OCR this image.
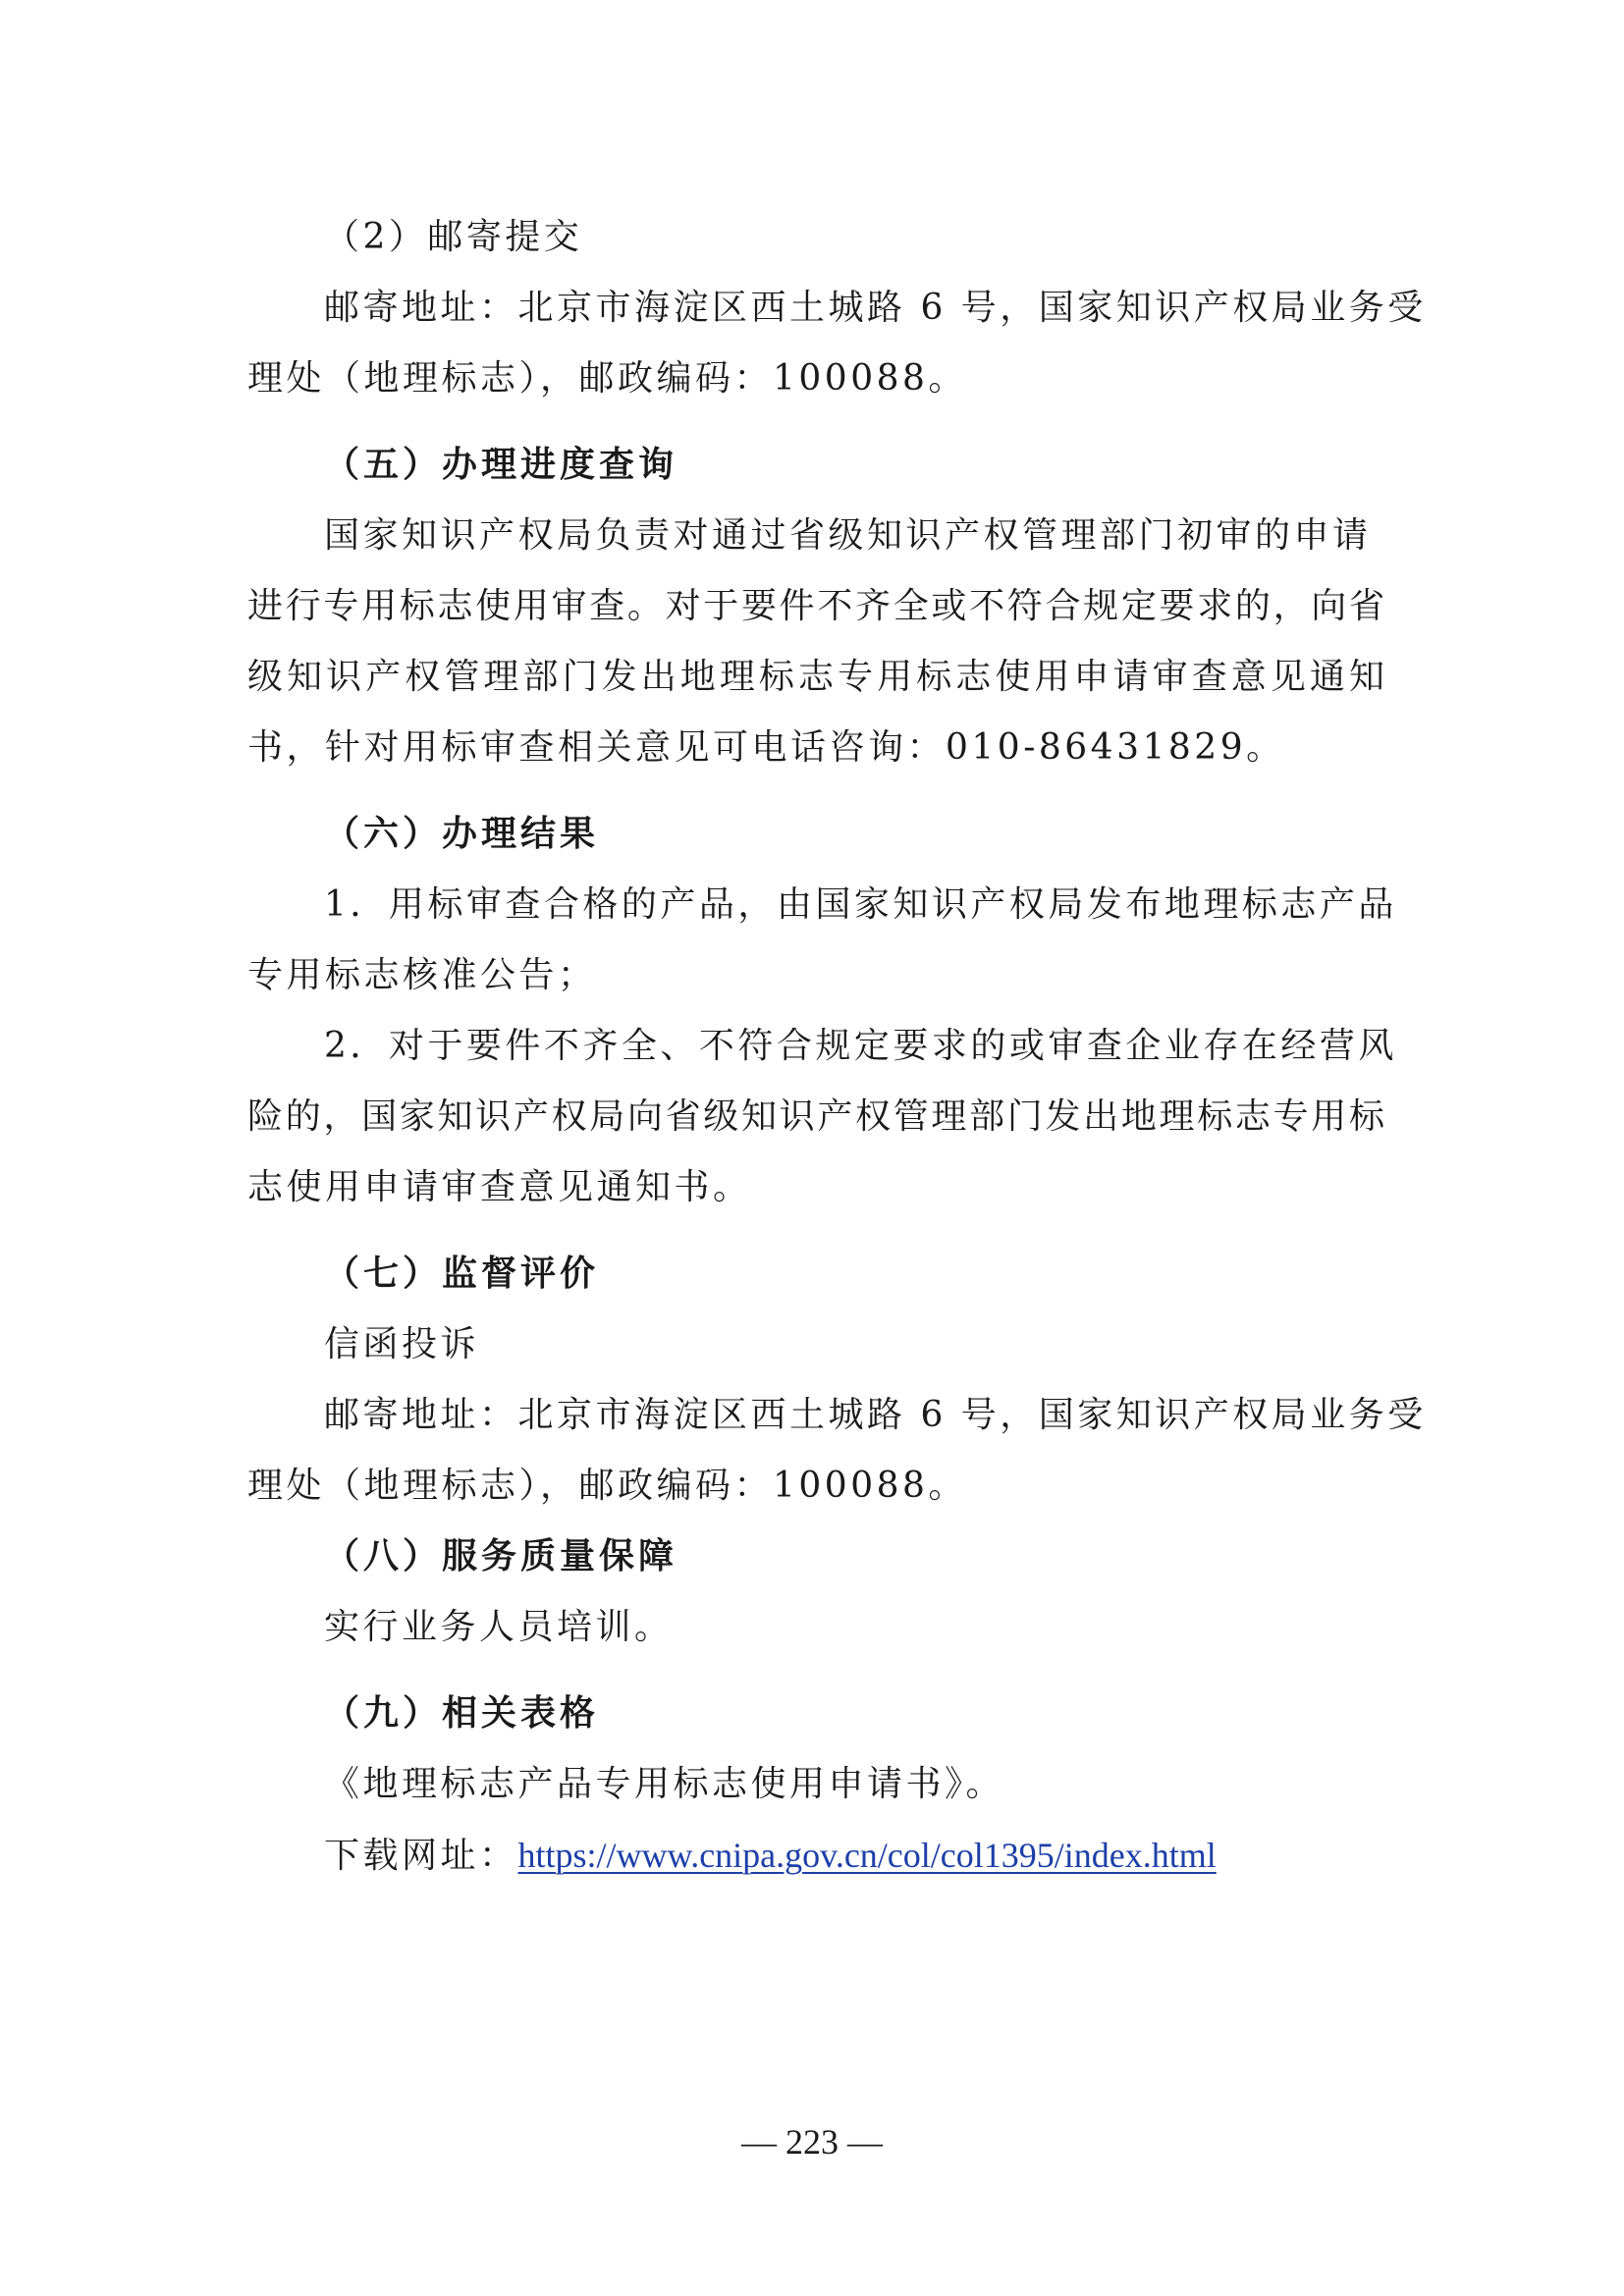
（2）邮寄提交
邮寄地址：北京市海淀区西土城路 6 号，国家知识产权局业务受
理处（地理标志），邮政编码：100088。
（五）办理进度查询
国家知识产权局负责对通过省级知识产权管理部门初审的申请
进行专用标志使用审查。对于要件不齐全或不符合规定要求的，向省
级知识产权管理部门发出地理标志专用标志使用申请审查意见通知
书，针对用标审查相关意见可电话咨询：010-86431829。
（六）办理结果
1．用标审查合格的产品，由国家知识产权局发布地理标志产品
专用标志核准公告；
2．对于要件不齐全、不符合规定要求的或审查企业存在经营风
险的，国家知识产权局向省级知识产权管理部门发出地理标志专用标
志使用申请审查意见通知书。
（七）监督评价
信函投诉
邮寄地址：北京市海淀区西土城路 6 号，国家知识产权局业务受
理处（地理标志），邮政编码：100088。
（八）服务质量保障
实行业务人员培训。
（九）相关表格
《地理标志产品专用标志使用申请书》。
下载网址：https://www.cnipa.gov.cn/col/col1395/index.html
— 223 —
